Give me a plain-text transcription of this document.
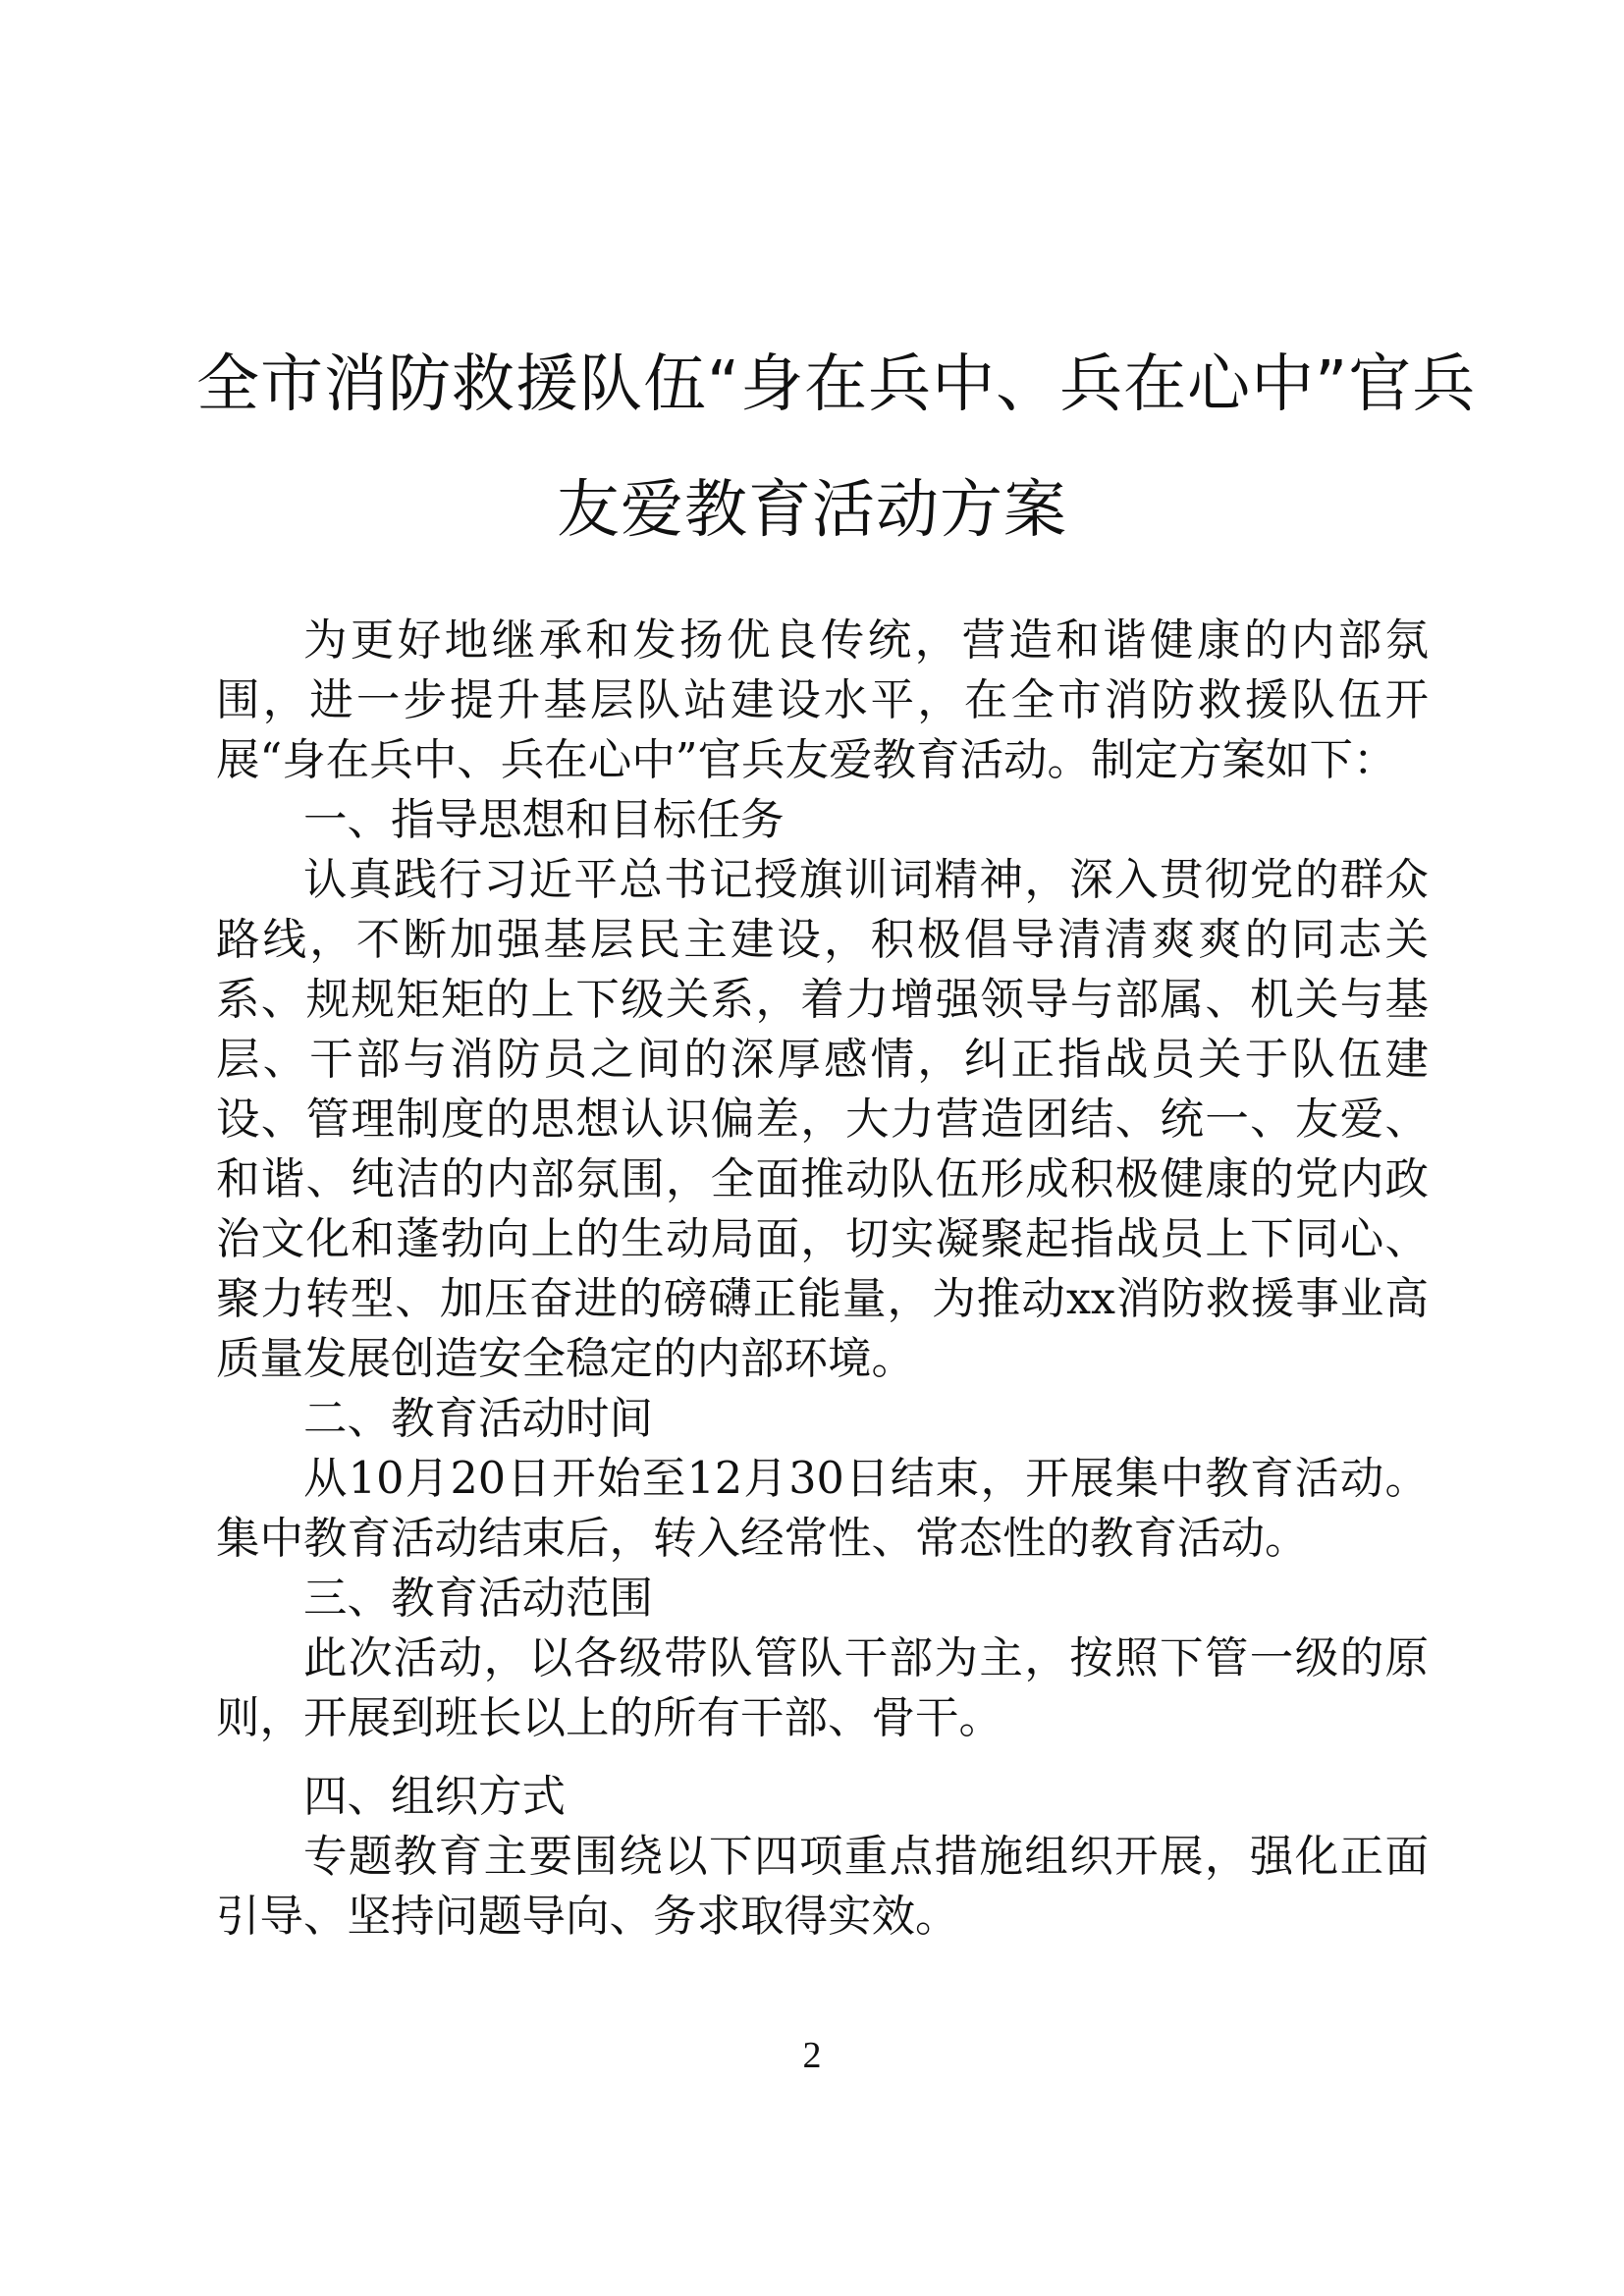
全市消防救援队伍“身在兵中、兵在心中”官兵
友爱教育活动方案

为更好地继承和发扬优良传统，营造和谐健康的内部氛围，进一步提升基层队站建设水平，在全市消防救援队伍开展“身在兵中、兵在心中”官兵友爱教育活动。制定方案如下：

一、指导思想和目标任务

认真践行习近平总书记授旗训词精神，深入贯彻党的群众路线，不断加强基层民主建设，积极倡导清清爽爽的同志关系、规规矩矩的上下级关系，着力增强领导与部属、机关与基层、干部与消防员之间的深厚感情，纠正指战员关于队伍建设、管理制度的思想认识偏差，大力营造团结、统一、友爱、和谐、纯洁的内部氛围，全面推动队伍形成积极健康的党内政治文化和蓬勃向上的生动局面，切实凝聚起指战员上下同心、聚力转型、加压奋进的磅礴正能量，为推动xx消防救援事业高质量发展创造安全稳定的内部环境。

二、教育活动时间

从10月20日开始至12月30日结束，开展集中教育活动。集中教育活动结束后，转入经常性、常态性的教育活动。

三、教育活动范围

此次活动，以各级带队管队干部为主，按照下管一级的原则，开展到班长以上的所有干部、骨干。

四、组织方式

专题教育主要围绕以下四项重点措施组织开展，强化正面引导、坚持问题导向、务求取得实效。

2
